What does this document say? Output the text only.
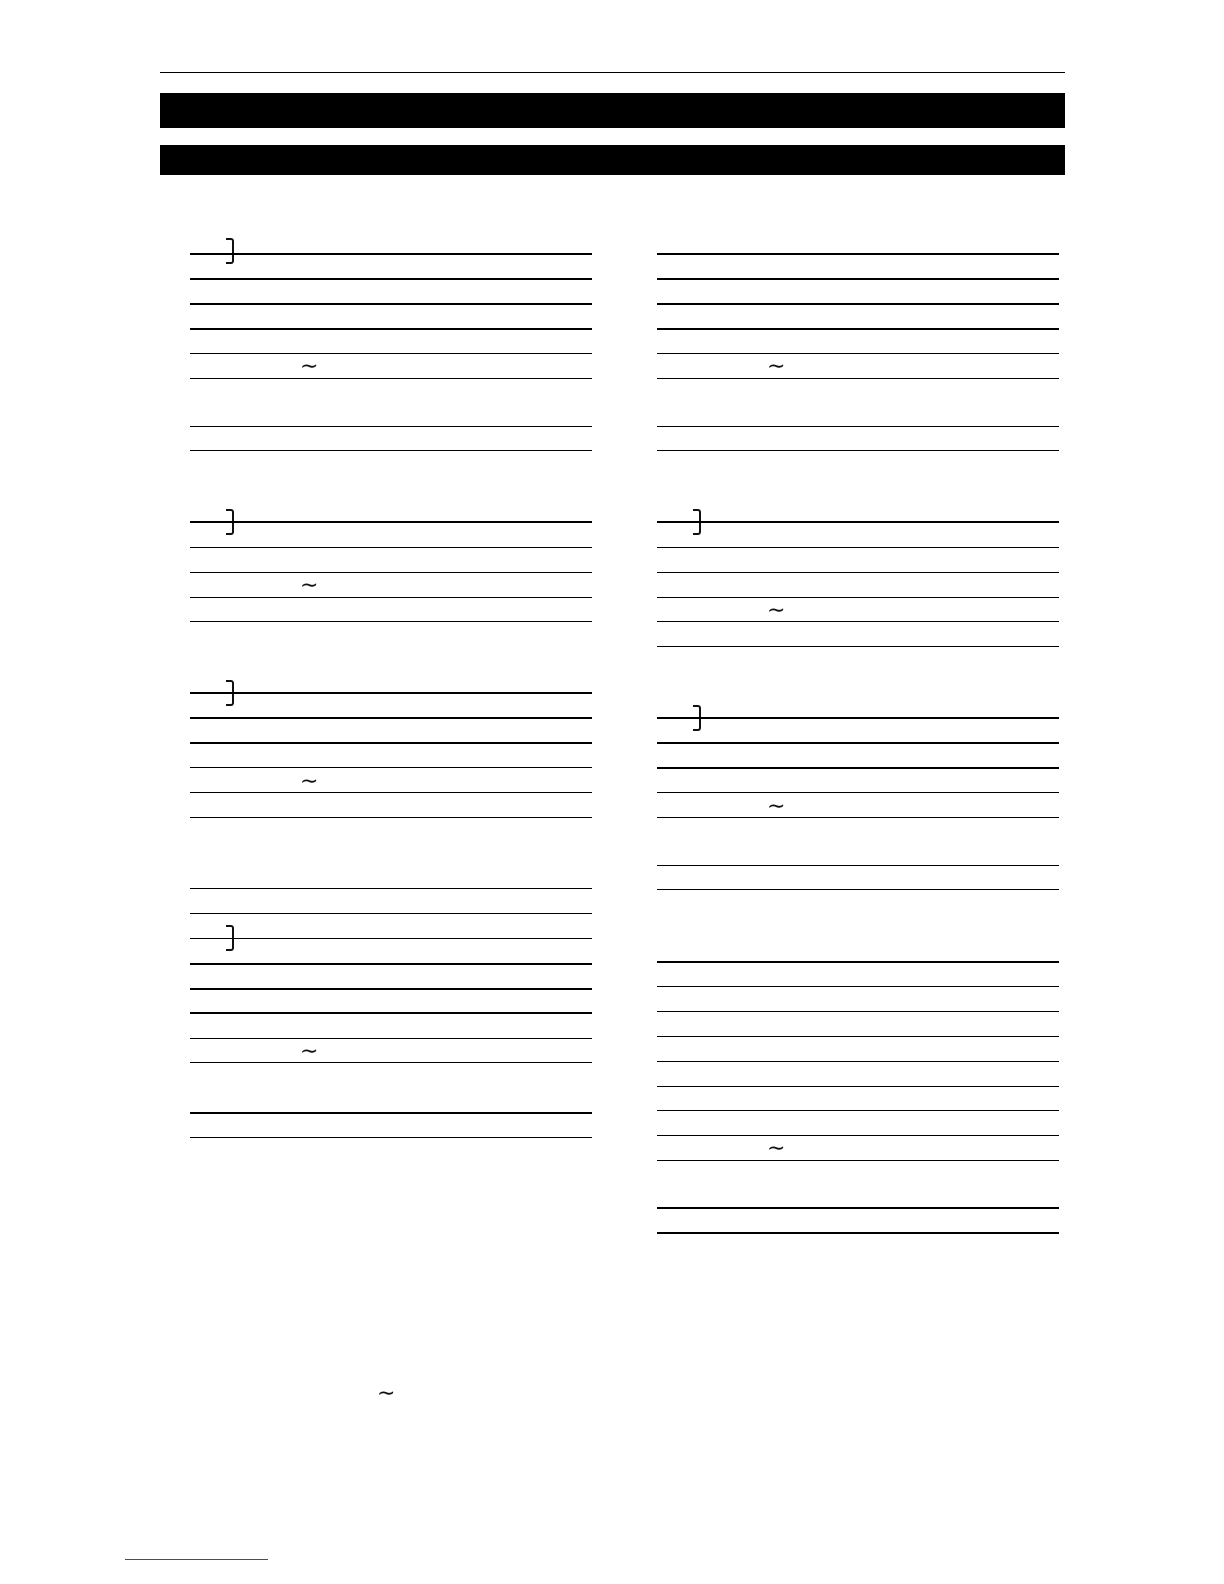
∼
∼
∼
∼
∼
∼
∼
∼
∼
